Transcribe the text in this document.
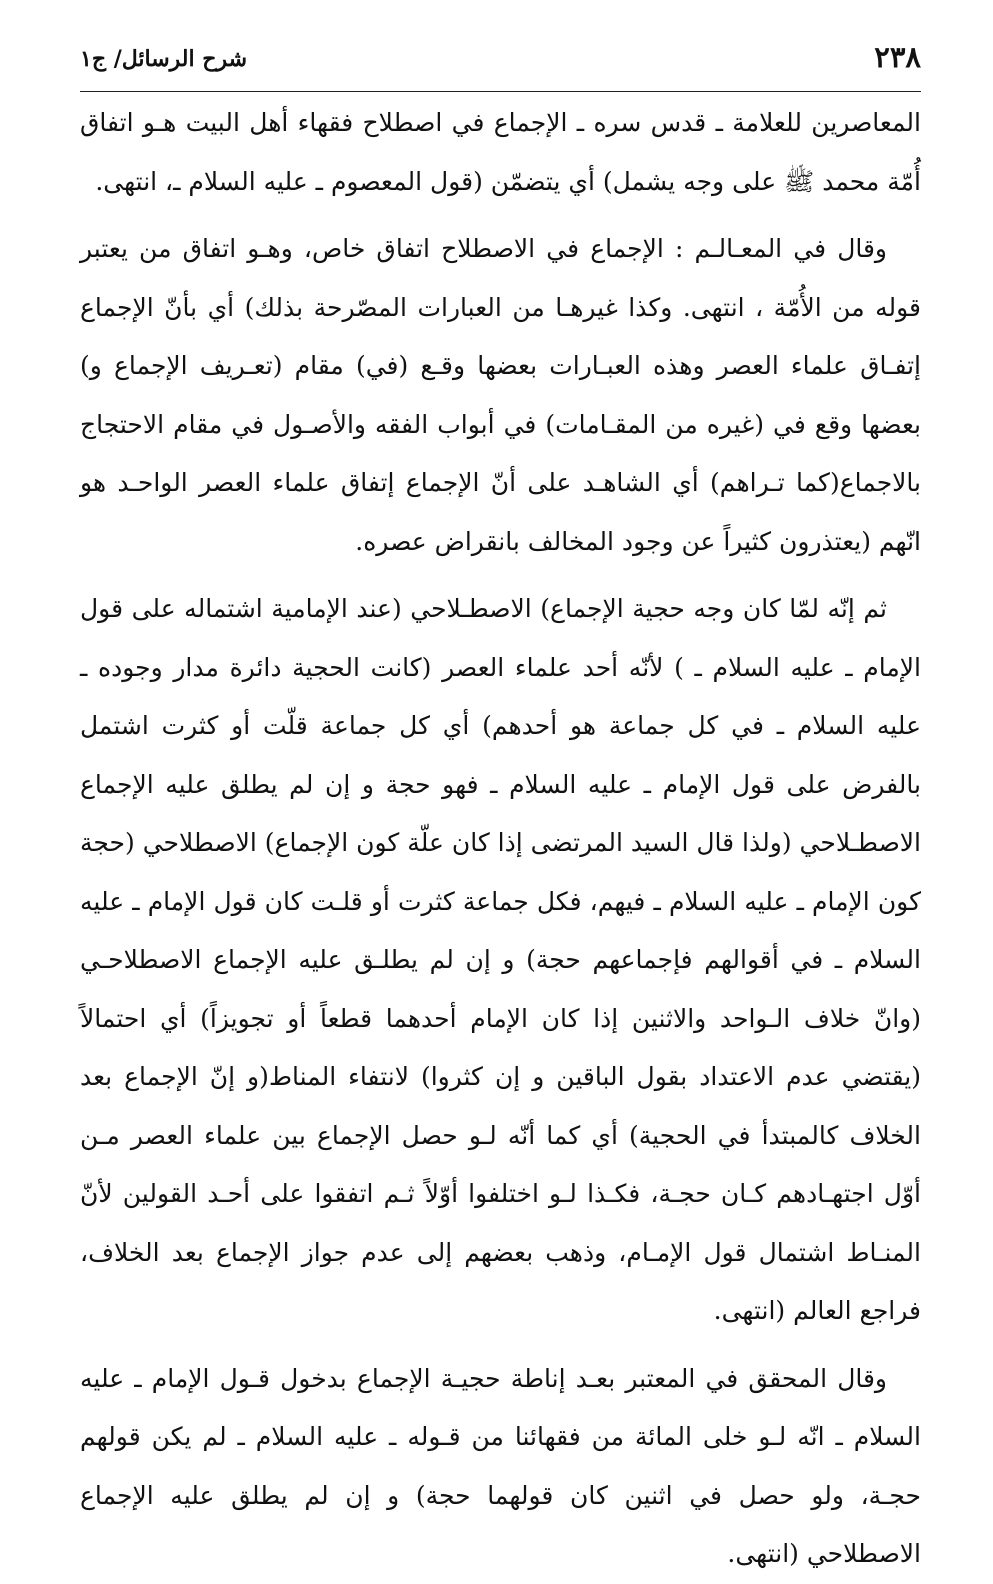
٢٣٨
شرح الرسائل/ ج١

المعاصرين للعلامة ـ قدس سره ـ الإجماع في اصطلاح فقهاء أهل البيت هـو اتفاق أُمّة محمد ﷺ على وجه يشمل) أي يتضمّن (قول المعصوم ـ عليه السلام ـ، انتهى.

وقال في المعـالـم : الإجماع في الاصطلاح اتفاق خاص، وهـو اتفاق من يعتبر قوله من الأُمّة ، انتهى. وكذا غيرهـا من العبارات المصّرحة بذلك) أي بأنّ الإجماع إتفـاق علماء العصر وهذه العبـارات بعضها وقـع (في) مقام (تعـريف الإجماع و) بعضها وقع في (غيره من المقـامات) في أبواب الفقه والأصـول في مقام الاحتجاج بالاجماع(كما تـراهم) أي الشاهـد على أنّ الإجماع إتفاق علماء العصر الواحـد هو انّهم (يعتذرون كثيراً عن وجود المخالف بانقراض عصره.

ثم إنّه لمّا كان وجه حجية الإجماع) الاصطـلاحي (عند الإمامية اشتماله على قول الإمام ـ عليه السلام ـ ) لأنّه أحد علماء العصر (كانت الحجية دائرة مدار وجوده ـ عليه السلام ـ في كل جماعة هو أحدهم) أي كل جماعة قلّت أو كثرت اشتمل بالفرض على قول الإمام ـ عليه السلام ـ فهو حجة و إن لم يطلق عليه الإجماع الاصطـلاحي (ولذا قال السيد المرتضى إذا كان علّة كون الإجماع) الاصطلاحي (حجة كون الإمام ـ عليه السلام ـ فيهم، فكل جماعة كثرت أو قلـت كان قول الإمام ـ عليه السلام ـ في أقوالهم فإجماعهم حجة) و إن لم يطلـق عليه الإجماع الاصطلاحـي (وانّ خلاف الـواحد والاثنين إذا كان الإمام أحدهما قطعاً أو تجويزاً) أي احتمالاً (يقتضي عدم الاعتداد بقول الباقين و إن كثروا) لانتفاء المناط(و إنّ الإجماع بعد الخلاف كالمبتدأ في الحجية) أي كما أنّه لـو حصل الإجماع بين علماء العصر مـن أوّل اجتهـادهم كـان حجـة، فكـذا لـو اختلفوا أوّلاً ثـم اتفقوا على أحـد القولين لأنّ المنـاط اشتمال قول الإمـام، وذهب بعضهم إلى عدم جواز الإجماع بعد الخلاف، فراجع العالم (انتهى.

وقال المحقق في المعتبر بعـد إناطة حجيـة الإجماع بدخول قـول الإمام ـ عليه السلام ـ انّه لـو خلى المائة من فقهائنا من قـوله ـ عليه السلام ـ لم يكن قولهم حجـة، ولو حصل في اثنين كان قولهما حجة) و إن لم يطلق عليه الإجماع الاصطلاحي (انتهى.
